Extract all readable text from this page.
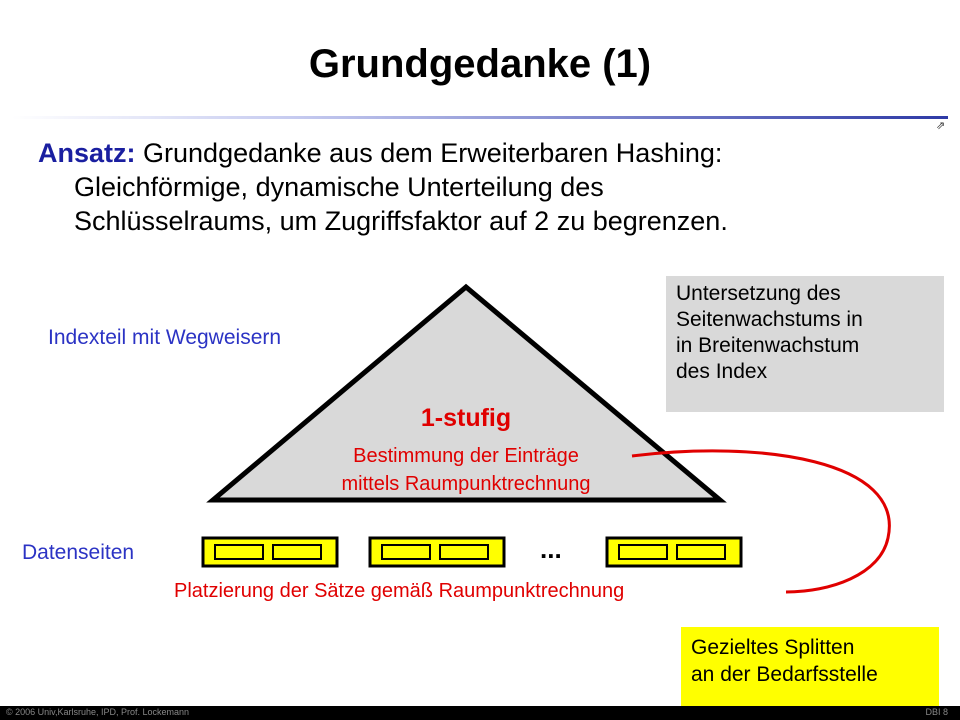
Grundgedanke (1)
⇗
Ansatz: Grundgedanke aus dem Erweiterbaren Hashing:
Gleichförmige, dynamische Unterteilung des
Schlüsselraums, um Zugriffsfaktor auf 2 zu begrenzen.
Indexteil mit Wegweisern
1-stufig
Bestimmung der Einträge
mittels Raumpunktrechnung
Datenseiten	...
Platzierung der Sätze gemäß Raumpunktrechnung
Untersetzung des
Seitenwachstums in
in Breitenwachstum
des Index
Gezieltes Splitten
an der Bedarfsstelle
© 2006 Univ,Karlsruhe, IPD, Prof. Lockemann	DBI 8
